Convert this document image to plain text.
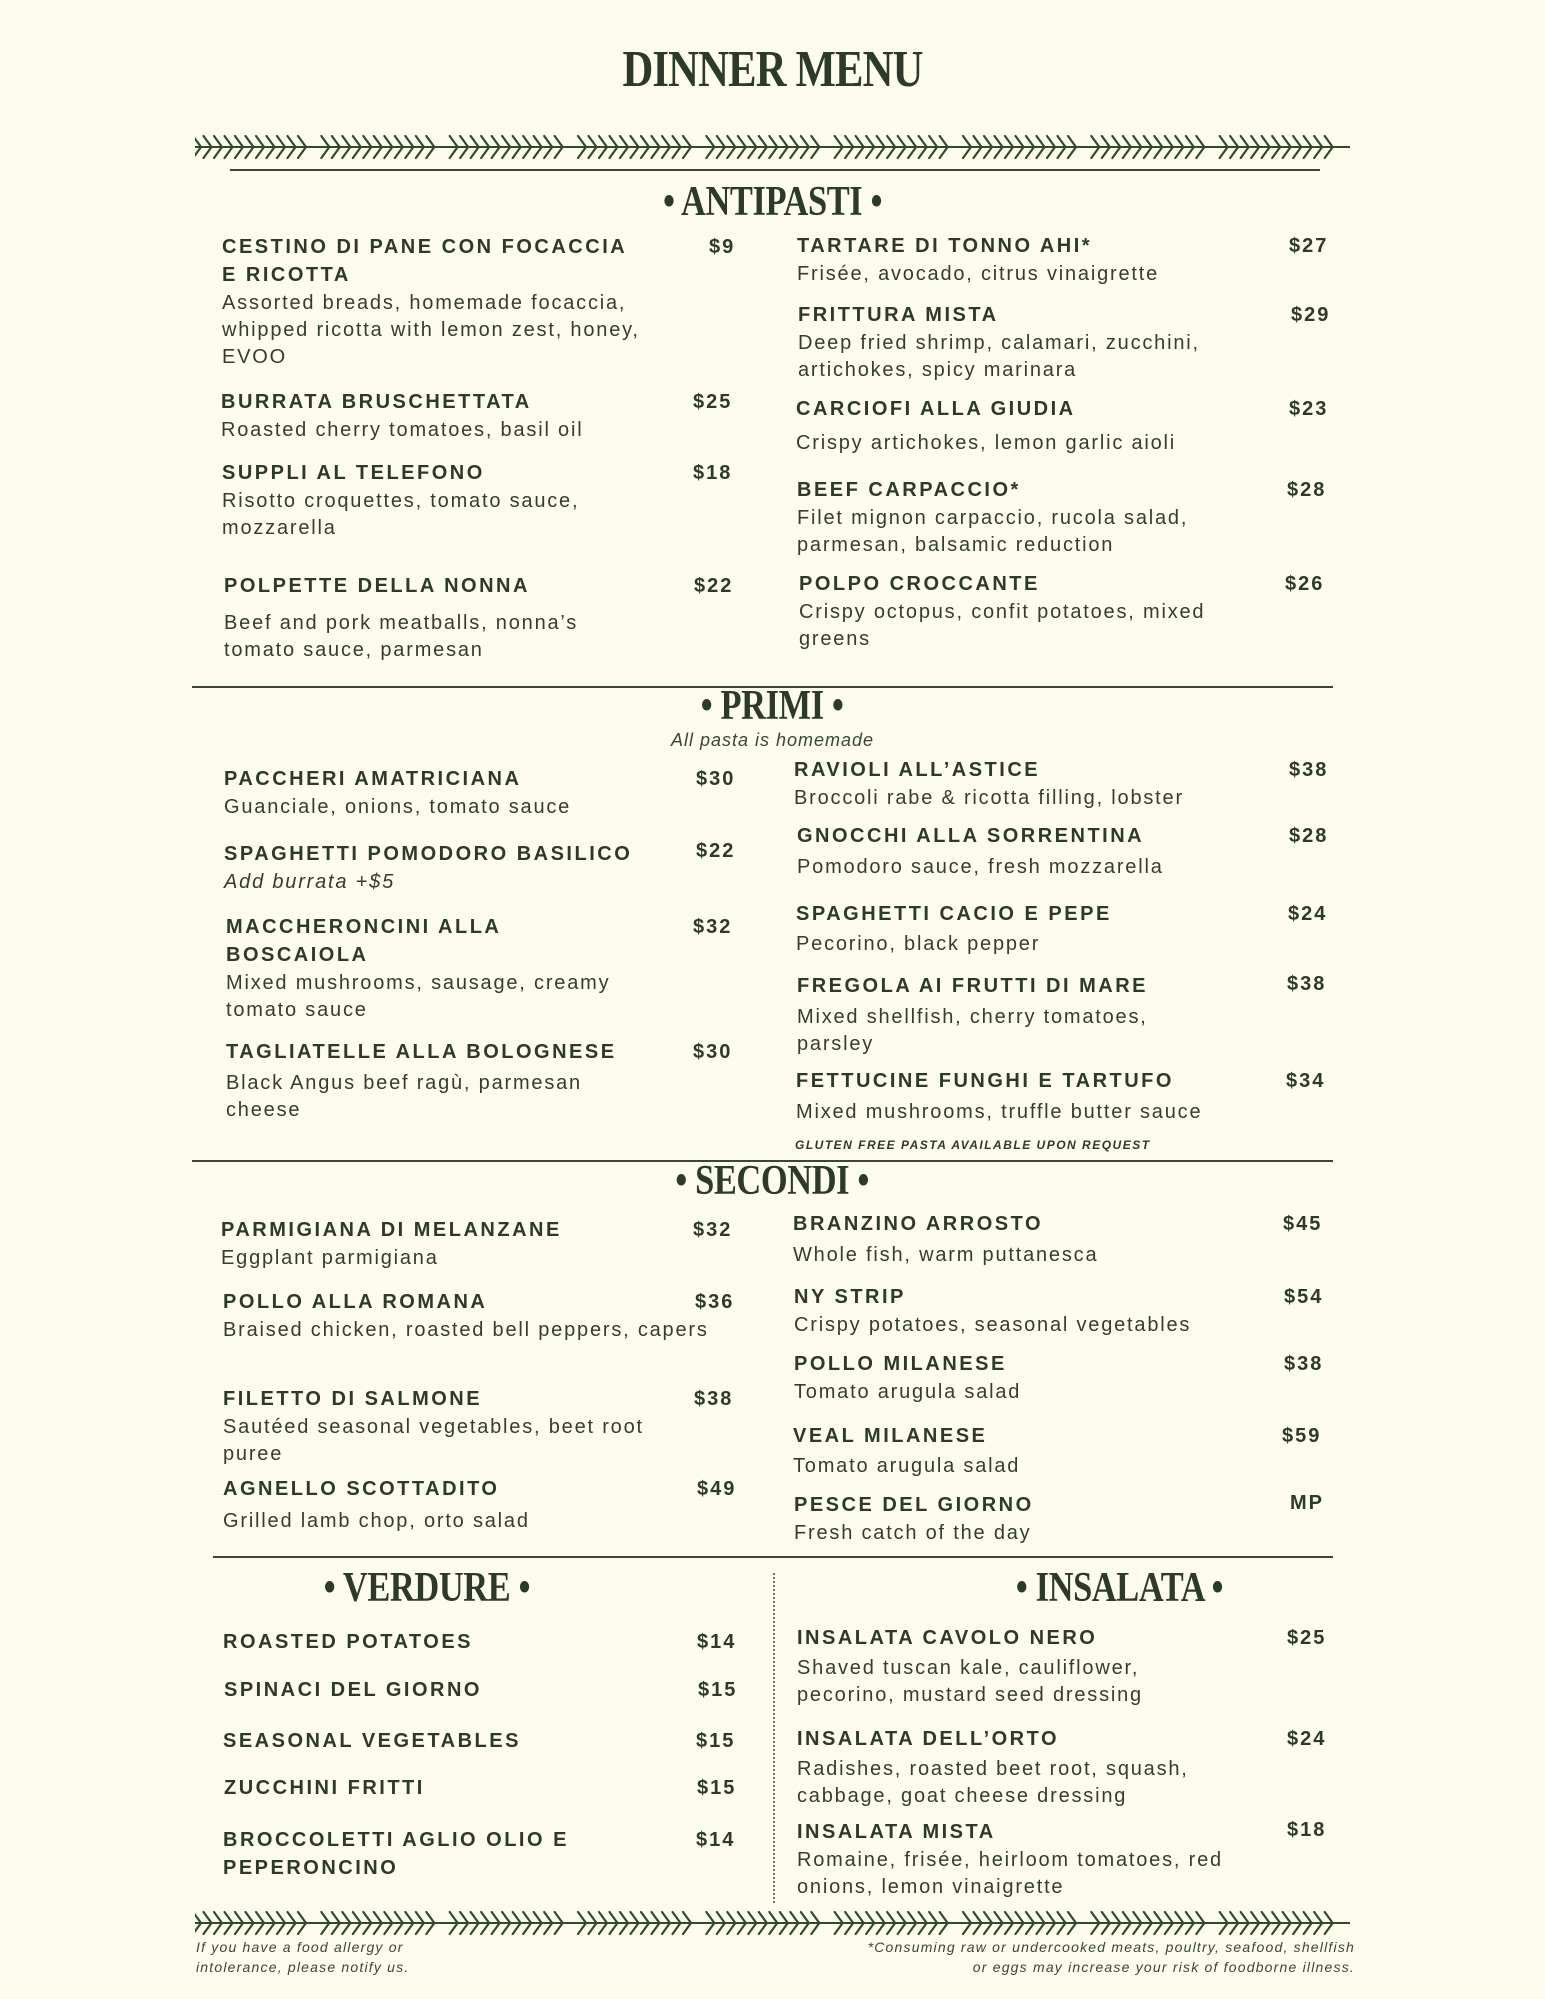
DINNER MENU
• ANTIPASTI •
CESTINO DI PANE CON FOCACCIA E RICOTTA
$9
Assorted breads, homemade focaccia, whipped ricotta with lemon zest, honey, EVOO
BURRATA BRUSCHETTATA	$25
Roasted cherry tomatoes, basil oil
SUPPLI AL TELEFONO	$18
Risotto croquettes, tomato sauce, mozzarella
POLPETTE DELLA NONNA	$22
Beef and pork meatballs, nonna’s tomato sauce, parmesan
TARTARE DI TONNO AHI*	$27
Frisée, avocado, citrus vinaigrette
FRITTURA MISTA	$29
Deep fried shrimp, calamari, zucchini, artichokes, spicy marinara
CARCIOFI ALLA GIUDIA	$23
Crispy artichokes, lemon garlic aioli
BEEF CARPACCIO*	$28
Filet mignon carpaccio, rucola salad, parmesan, balsamic reduction
POLPO CROCCANTE	$26
Crispy octopus, confit potatoes, mixed greens
• PRIMI •
All pasta is homemade
PACCHERI AMATRICIANA	$30
Guanciale, onions, tomato sauce
SPAGHETTI POMODORO BASILICO	$22
Add burrata +$5
MACCHERONCINI ALLA BOSCAIOLA
$32
Mixed mushrooms, sausage, creamy tomato sauce
TAGLIATELLE ALLA BOLOGNESE	$30
Black Angus beef ragù, parmesan cheese
RAVIOLI ALL’ASTICE	$38
Broccoli rabe & ricotta filling, lobster
GNOCCHI ALLA SORRENTINA	$28
Pomodoro sauce, fresh mozzarella
SPAGHETTI CACIO E PEPE	$24
Pecorino, black pepper
FREGOLA AI FRUTTI DI MARE	$38
Mixed shellfish, cherry tomatoes, parsley
FETTUCINE FUNGHI E TARTUFO	$34
Mixed mushrooms, truffle butter sauce
GLUTEN FREE PASTA AVAILABLE UPON REQUEST
• SECONDI •
PARMIGIANA DI MELANZANE	$32
Eggplant parmigiana
POLLO ALLA ROMANA	$36
Braised chicken, roasted bell peppers, capers
FILETTO DI SALMONE	$38
Sautéed seasonal vegetables, beet root puree
AGNELLO SCOTTADITO	$49
Grilled lamb chop, orto salad
BRANZINO ARROSTO	$45
Whole fish, warm puttanesca
NY STRIP	$54
Crispy potatoes, seasonal vegetables
POLLO MILANESE	$38
Tomato arugula salad
VEAL MILANESE	$59
Tomato arugula salad
PESCE DEL GIORNO	MP
Fresh catch of the day
• VERDURE •	• INSALATA •
ROASTED POTATOES	$14
SPINACI DEL GIORNO	$15
SEASONAL VEGETABLES	$15
ZUCCHINI FRITTI	$15
BROCCOLETTI AGLIO OLIO E PEPERONCINO
$14
INSALATA CAVOLO NERO	$25
Shaved tuscan kale, cauliflower, pecorino, mustard seed dressing
INSALATA DELL’ORTO	$24
Radishes, roasted beet root, squash, cabbage, goat cheese dressing
INSALATA MISTA	$18
Romaine, frisée, heirloom tomatoes, red onions, lemon vinaigrette
If you have a food allergy or intolerance, please notify us.
*Consuming raw or undercooked meats, poultry, seafood, shellfish or eggs may increase your risk of foodborne illness.
